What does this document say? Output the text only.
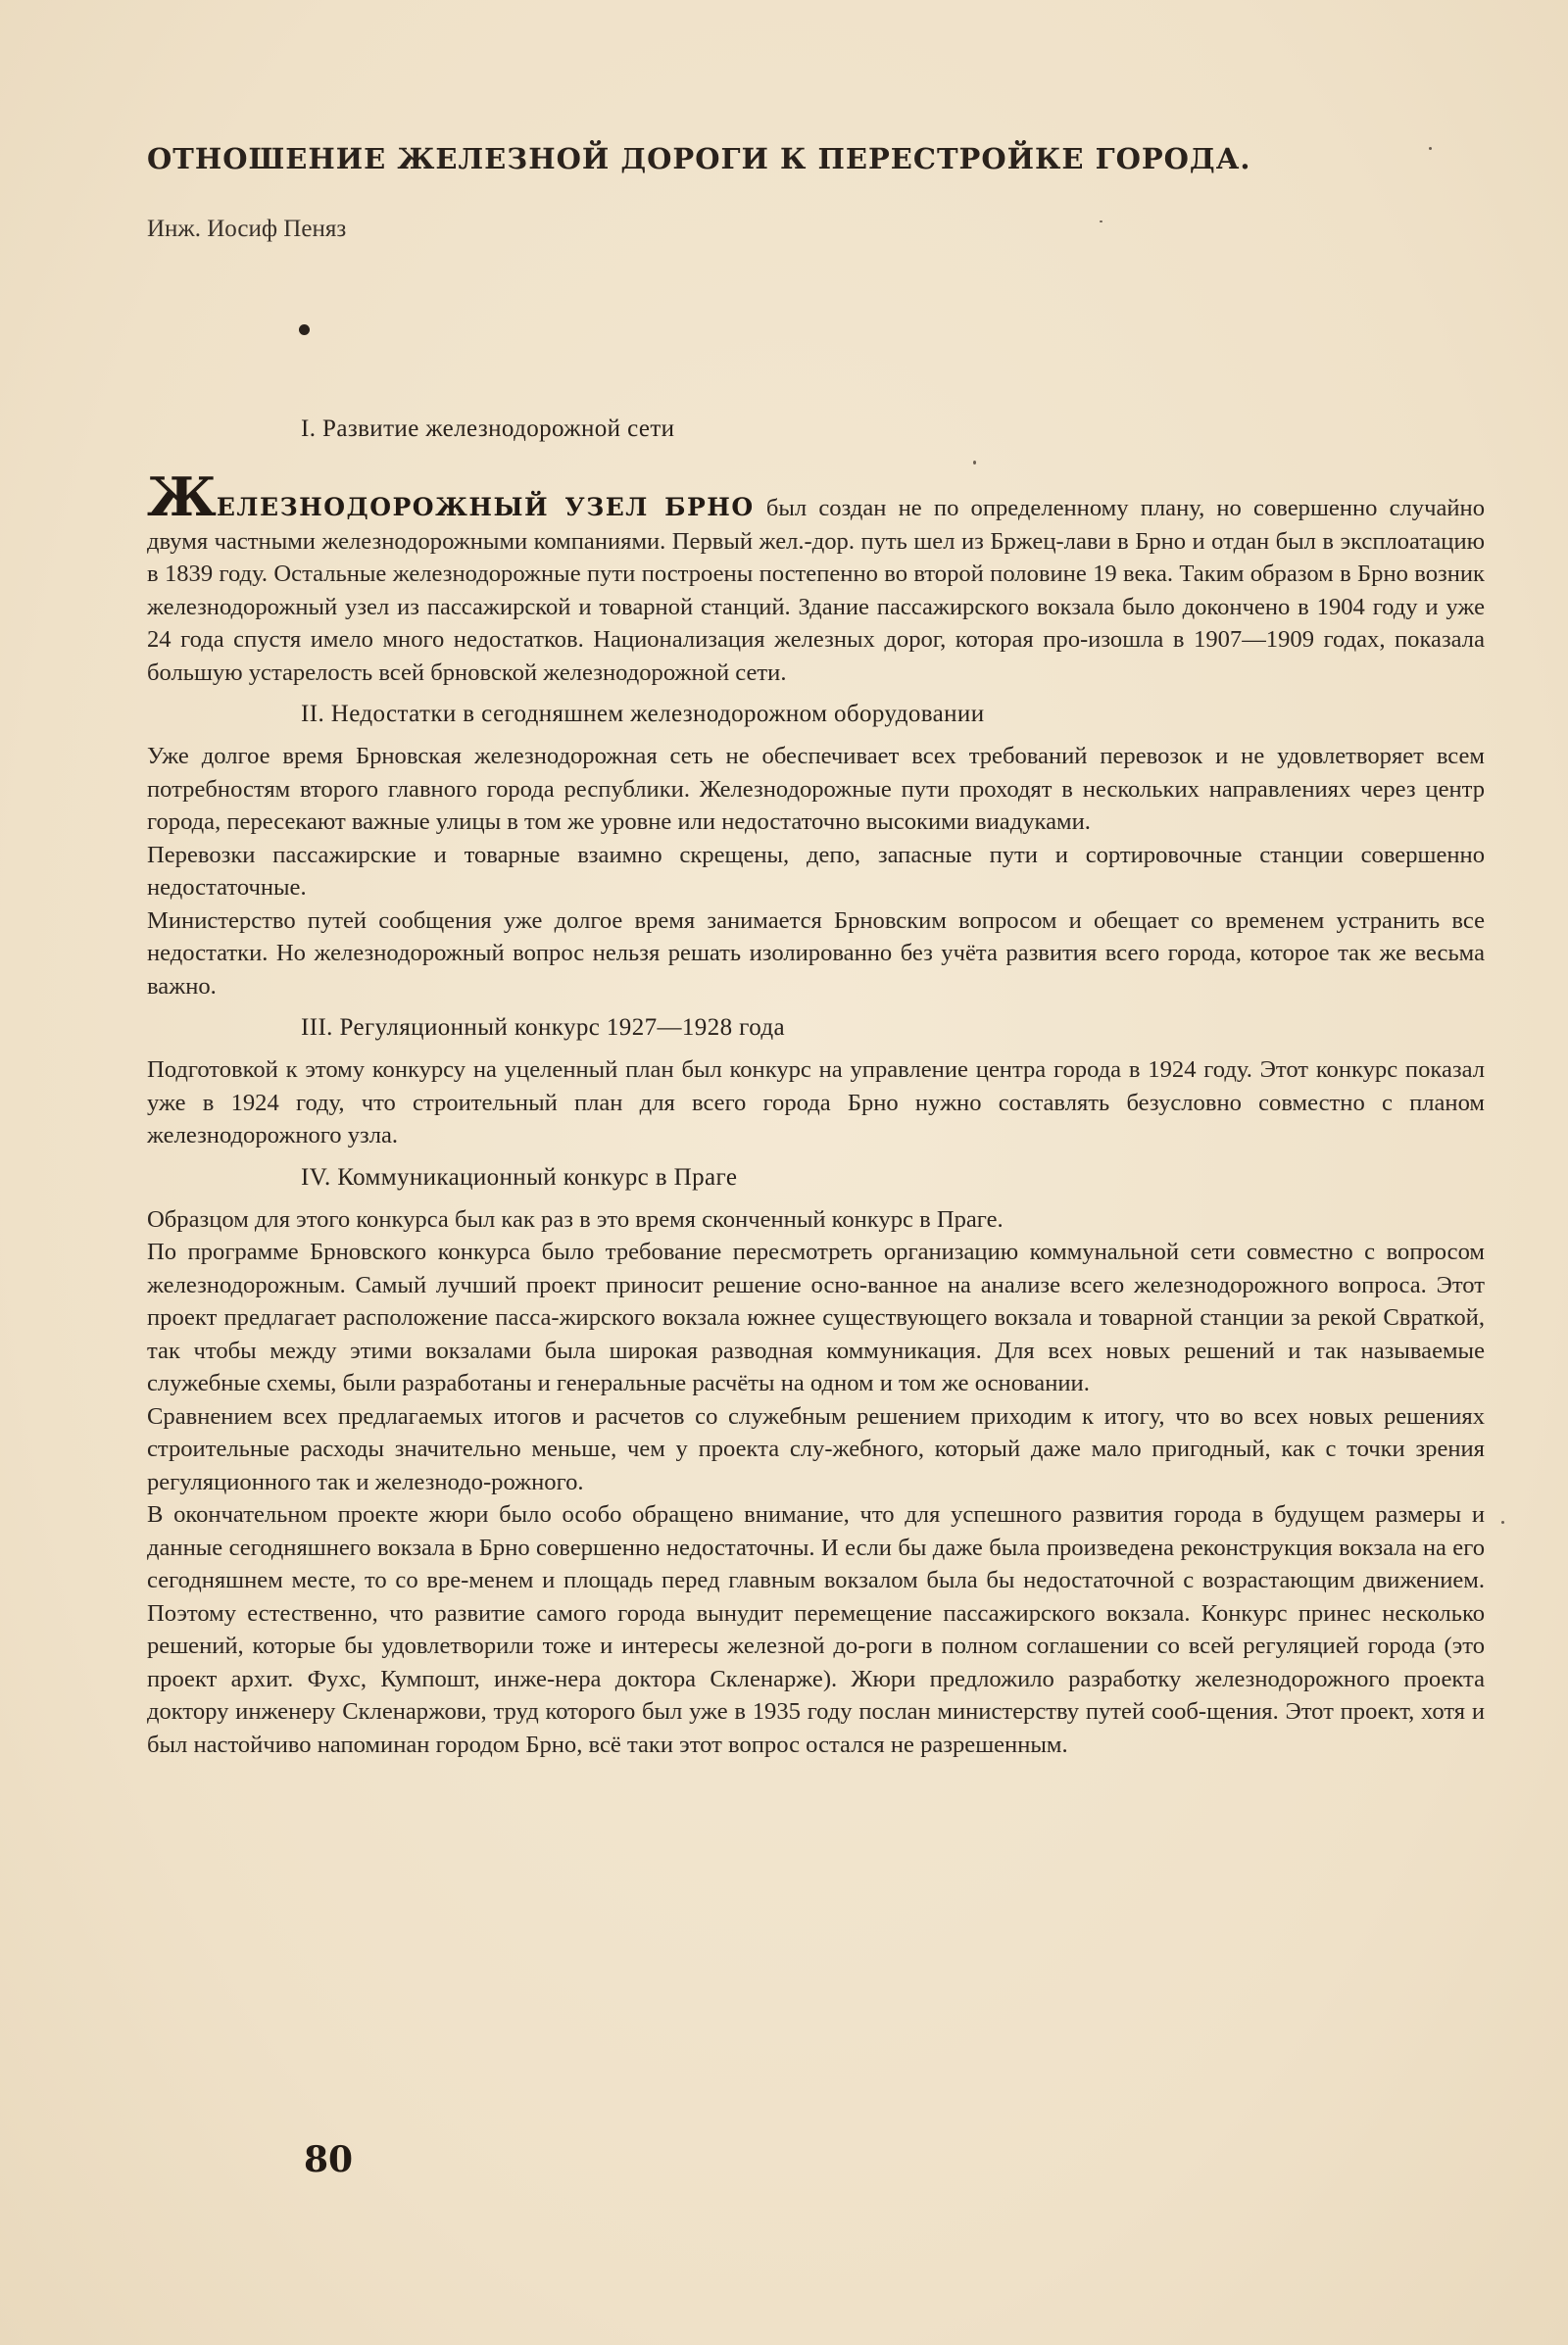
ОТНОШЕНИЕ ЖЕЛЕЗНОЙ ДОРОГИ К ПЕРЕСТРОЙКЕ ГОРОДА.

Инж. Иосиф Пеняз

I. Развитие железнодорожной сети

ЖЕЛЕЗНОДОРОЖНЫЙ УЗЕЛ БРНО был создан не по определенному плану, но совершенно случайно двумя частными железнодорожными компаниями. Первый жел.-дор. путь шел из Бржец-лави в Брно и отдан был в эксплоатацию в 1839 году. Остальные железнодорожные пути построены постепенно во второй половине 19 века. Таким образом в Брно возник железнодорожный узел из пассажирской и товарной станций. Здание пассажирского вокзала было докончено в 1904 году и уже 24 года спустя имело много недостатков. Национализация железных дорог, которая про-изошла в 1907—1909 годах, показала большую устарелость всей брновской железнодорожной сети.

II. Недостатки в сегодняшнем железнодорожном оборудовании

Уже долгое время Брновская железнодорожная сеть не обеспечивает всех требований перевозок и не удовлетворяет всем потребностям второго главного города республики. Железнодорожные пути проходят в нескольких направлениях через центр города, пересекают важные улицы в том же уровне или недостаточно высокими виадуками.

Перевозки пассажирские и товарные взаимно скрещены, депо, запасные пути и сортировочные станции совершенно недостаточные.

Министерство путей сообщения уже долгое время занимается Брновским вопросом и обещает со временем устранить все недостатки. Но железнодорожный вопрос нельзя решать изолированно без учёта развития всего города, которое так же весьма важно.

III. Регуляционный конкурс 1927—1928 года

Подготовкой к этому конкурсу на уцеленный план был конкурс на управление центра города в 1924 году. Этот конкурс показал уже в 1924 году, что строительный план для всего города Брно нужно составлять безусловно совместно с планом железнодорожного узла.

IV. Коммуникационный конкурс в Праге

Образцом для этого конкурса был как раз в это время сконченный конкурс в Праге.

По программе Брновского конкурса было требование пересмотреть организацию коммунальной сети совместно с вопросом железнодорожным. Самый лучший проект приносит решение осно-ванное на анализе всего железнодорожного вопроса. Этот проект предлагает расположение пасса-жирского вокзала южнее существующего вокзала и товарной станции за рекой Свраткой, так чтобы между этими вокзалами была широкая разводная коммуникация. Для всех новых решений и так называемые служебные схемы, были разработаны и генеральные расчёты на одном и том же основании.

Сравнением всех предлагаемых итогов и расчетов со служебным решением приходим к итогу, что во всех новых решениях строительные расходы значительно меньше, чем у проекта слу-жебного, который даже мало пригодный, как с точки зрения регуляционного так и железнодо-рожного.

В окончательном проекте жюри было особо обращено внимание, что для успешного развития города в будущем размеры и данные сегодняшнего вокзала в Брно совершенно недостаточны. И если бы даже была произведена реконструкция вокзала на его сегодняшнем месте, то со вре-менем и площадь перед главным вокзалом была бы недостаточной с возрастающим движением. Поэтому естественно, что развитие самого города вынудит перемещение пассажирского вокзала. Конкурс принес несколько решений, которые бы удовлетворили тоже и интересы железной до-роги в полном соглашении со всей регуляцией города (это проект архит. Фухс, Кумпошт, инже-нера доктора Скленарже). Жюри предложило разработку железнодорожного проекта доктору инженеру Скленаржови, труд которого был уже в 1935 году послан министерству путей сооб-щения. Этот проект, хотя и был настойчиво напоминан городом Брно, всё таки этот вопрос остался не разрешенным.

80
